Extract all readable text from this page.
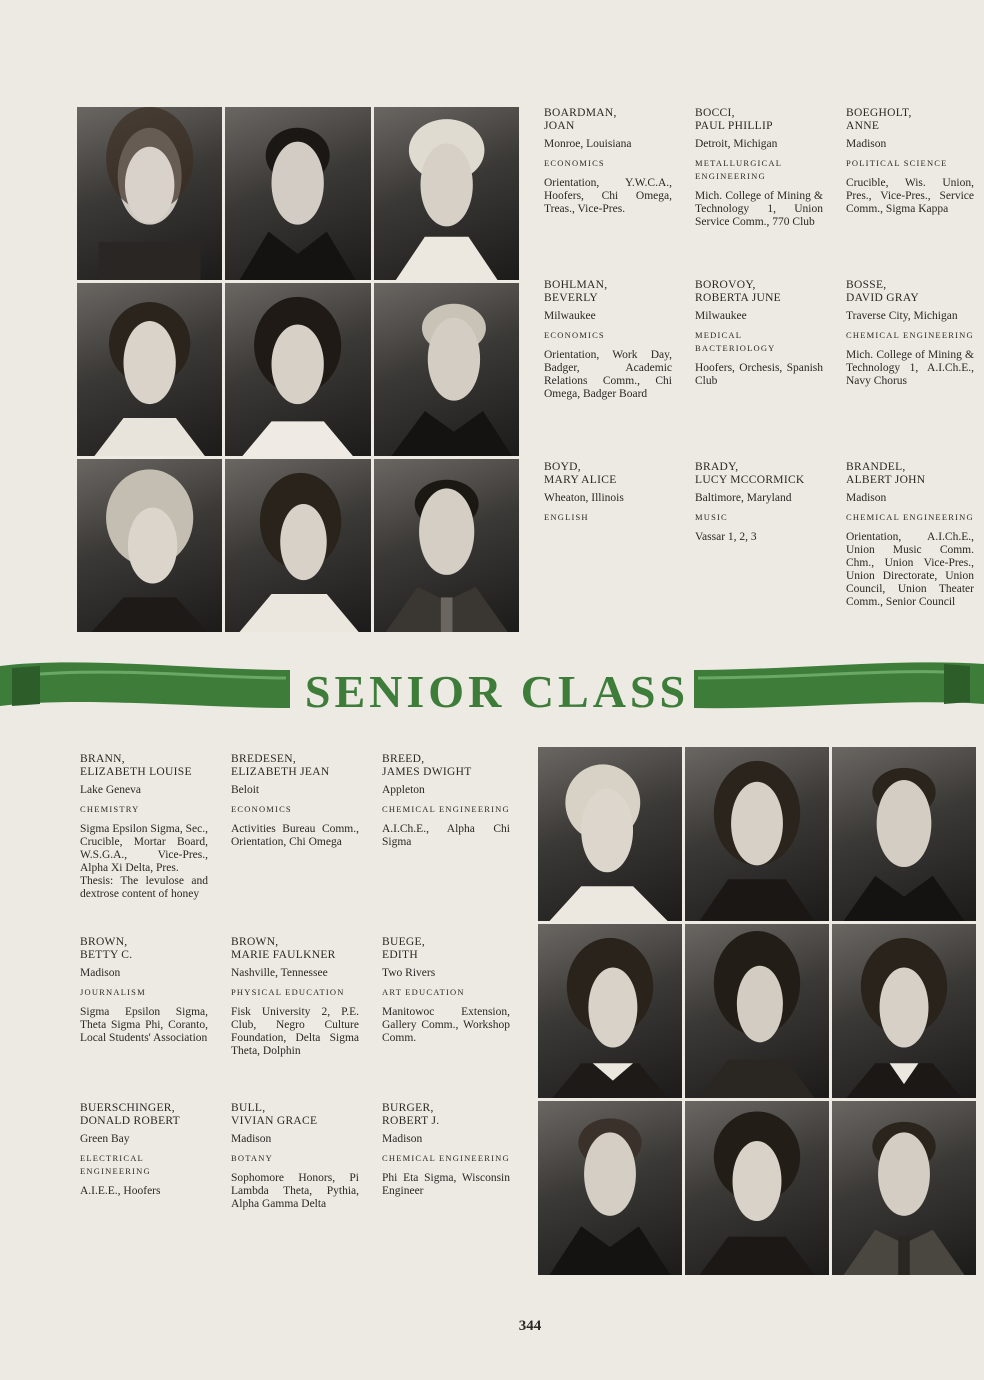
BOARDMAN,

JOAN

Monroe, Louisiana
ECONOMICS
Orientation, Y.W.C.A., Hoofers, Chi Omega, Treas., Vice-Pres.

BOCCI,

PAUL PHILLIP

Detroit, Michigan
METALLURGICAL ENGINEERING
Mich. College of Mining & Technology 1, Union Service Comm., 770 Club

BOEGHOLT,

ANNE

Madison
POLITICAL SCIENCE
Crucible, Wis. Union, Pres., Vice-Pres., Service Comm., Sigma Kappa

BOHLMAN,

BEVERLY

Milwaukee
ECONOMICS
Orientation, Work Day, Badger, Academic Relations Comm., Chi Omega, Badger Board

BOROVOY,

ROBERTA JUNE

Milwaukee
MEDICAL BACTERIOLOGY
Hoofers, Orchesis, Spanish Club

BOSSE,

DAVID GRAY

Traverse City, Michigan
CHEMICAL ENGINEERING
Mich. College of Mining & Technology 1, A.I.Ch.E., Navy Chorus

BOYD,

MARY ALICE

Wheaton, Illinois
ENGLISH

BRADY,

LUCY MCCORMICK

Baltimore, Maryland
MUSIC
Vassar 1, 2, 3

BRANDEL,

ALBERT JOHN

Madison
CHEMICAL ENGINEERING
Orientation, A.I.Ch.E., Union Music Comm. Chm., Union Vice-Pres., Union Directorate, Union Council, Union Theater Comm., Senior Council
SENIOR CLASS

BRANN,

ELIZABETH LOUISE

Lake Geneva
CHEMISTRY
Sigma Epsilon Sigma, Sec., Crucible, Mortar Board, W.S.G.A., Vice-Pres., Alpha Xi Delta, Pres.
Thesis: The levulose and dextrose content of honey

BREDESEN,

ELIZABETH JEAN

Beloit
ECONOMICS
Activities Bureau Comm., Orientation, Chi Omega

BREED,

JAMES DWIGHT

Appleton
CHEMICAL ENGINEERING
A.I.Ch.E., Alpha Chi Sigma

BROWN,

BETTY C.

Madison
JOURNALISM
Sigma Epsilon Sigma, Theta Sigma Phi, Coranto, Local Students' Association

BROWN,

MARIE FAULKNER

Nashville, Tennessee
PHYSICAL EDUCATION
Fisk University 2, P.E. Club, Negro Culture Foundation, Delta Sigma Theta, Dolphin

BUEGE,

EDITH

Two Rivers
ART EDUCATION
Manitowoc Extension, Gallery Comm., Workshop Comm.

BUERSCHINGER,

DONALD ROBERT

Green Bay
ELECTRICAL ENGINEERING
A.I.E.E., Hoofers

BULL,

VIVIAN GRACE

Madison
BOTANY
Sophomore Honors, Pi Lambda Theta, Pythia, Alpha Gamma Delta

BURGER,

ROBERT J.

Madison
CHEMICAL ENGINEERING
Phi Eta Sigma, Wisconsin Engineer
344
